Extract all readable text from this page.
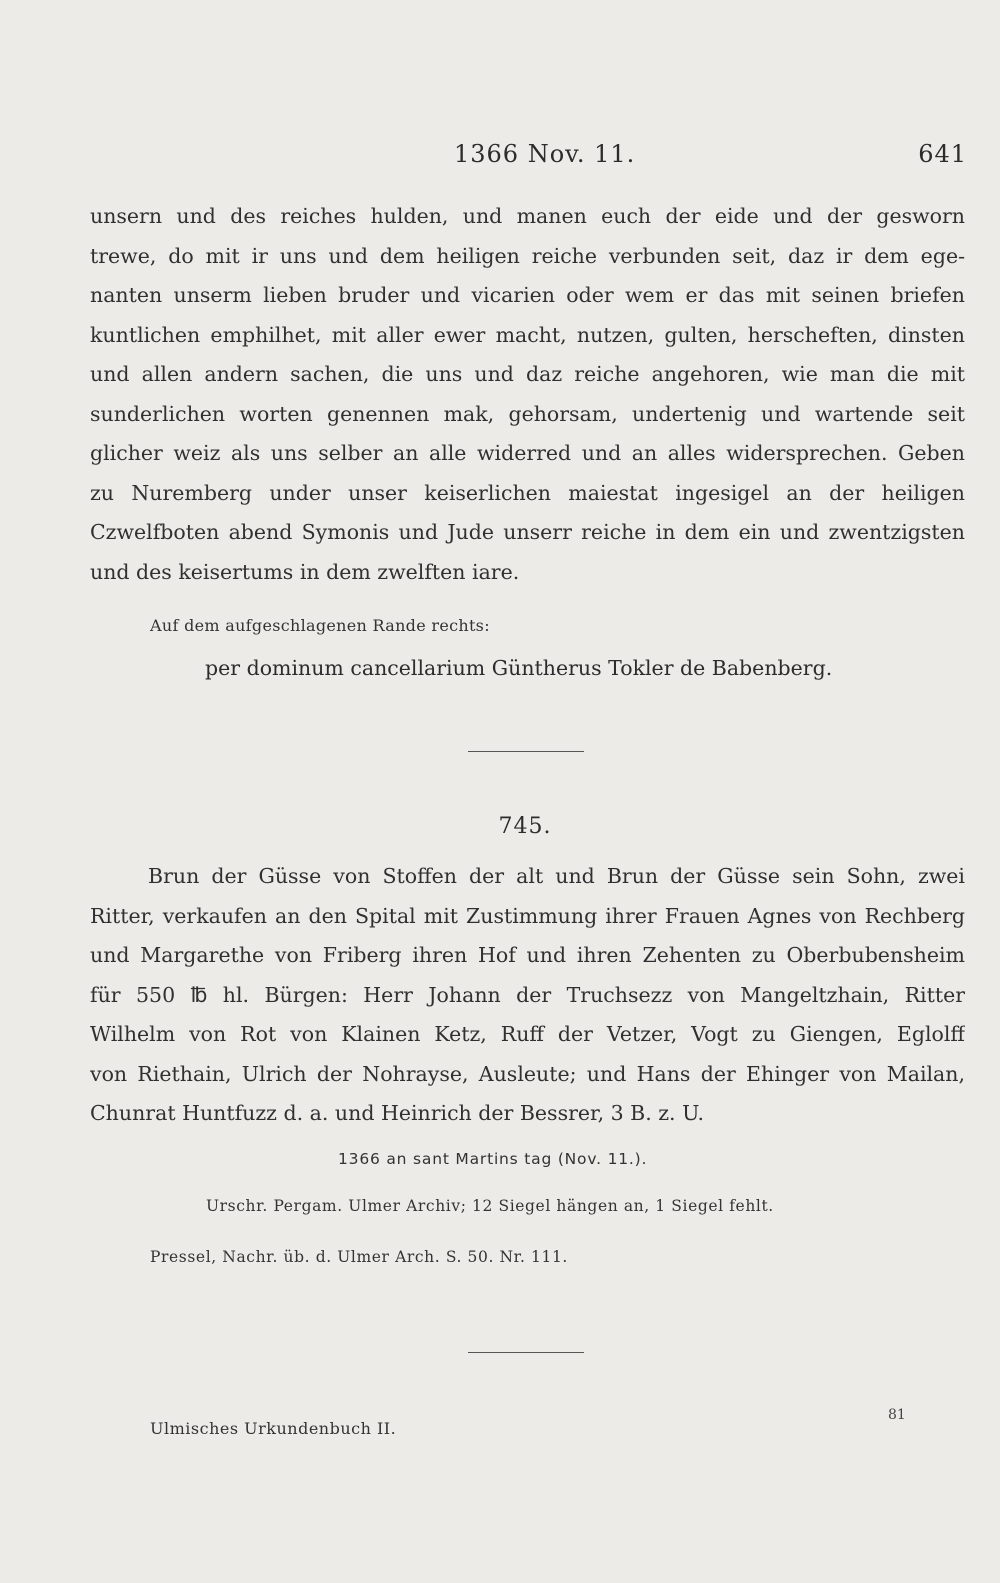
1366 Nov. 11.	641
unsern und des reiches hulden, und manen euch der eide und der gesworn
trewe, do mit ir uns und dem heiligen reiche verbunden seit, daz ir dem ege-
nanten unserm lieben bruder und vicarien oder wem er das mit seinen briefen
kuntlichen emphilhet, mit aller ewer macht, nutzen, gulten, herscheften, dinsten
und allen andern sachen, die uns und daz reiche angehoren, wie man die mit
sunderlichen worten genennen mak, gehorsam, undertenig und wartende seit
glicher weiz als uns selber an alle widerred und an alles widersprechen. Geben
zu Nuremberg under unser keiserlichen maiestat ingesigel an der heiligen
Czwelfboten abend Symonis und Jude unserr reiche in dem ein und zwentzigsten
und des keisertums in dem zwelften iare.
Auf dem aufgeschlagenen Rande rechts:
per dominum cancellarium Güntherus Tokler de Babenberg.
745.
Brun der Güsse von Stoffen der alt und Brun der Güsse sein Sohn, zwei
Ritter, verkaufen an den Spital mit Zustimmung ihrer Frauen Agnes von Rechberg
und Margarethe von Friberg ihren Hof und ihren Zehenten zu Oberbubensheim
für 550 ℔ hl. Bürgen: Herr Johann der Truchsezz von Mangeltzhain, Ritter
Wilhelm von Rot von Klainen Ketz, Ruff der Vetzer, Vogt zu Giengen, Eglolff
von Riethain, Ulrich der Nohrayse, Ausleute; und Hans der Ehinger von Mailan,
Chunrat Huntfuzz d. a. und Heinrich der Bessrer, 3 B. z. U.
1366 an sant Martins tag (Nov. 11.).
Urschr. Pergam. Ulmer Archiv; 12 Siegel hängen an, 1 Siegel fehlt.
Pressel, Nachr. üb. d. Ulmer Arch. S. 50. Nr. 111.
Ulmisches Urkundenbuch II.
81
